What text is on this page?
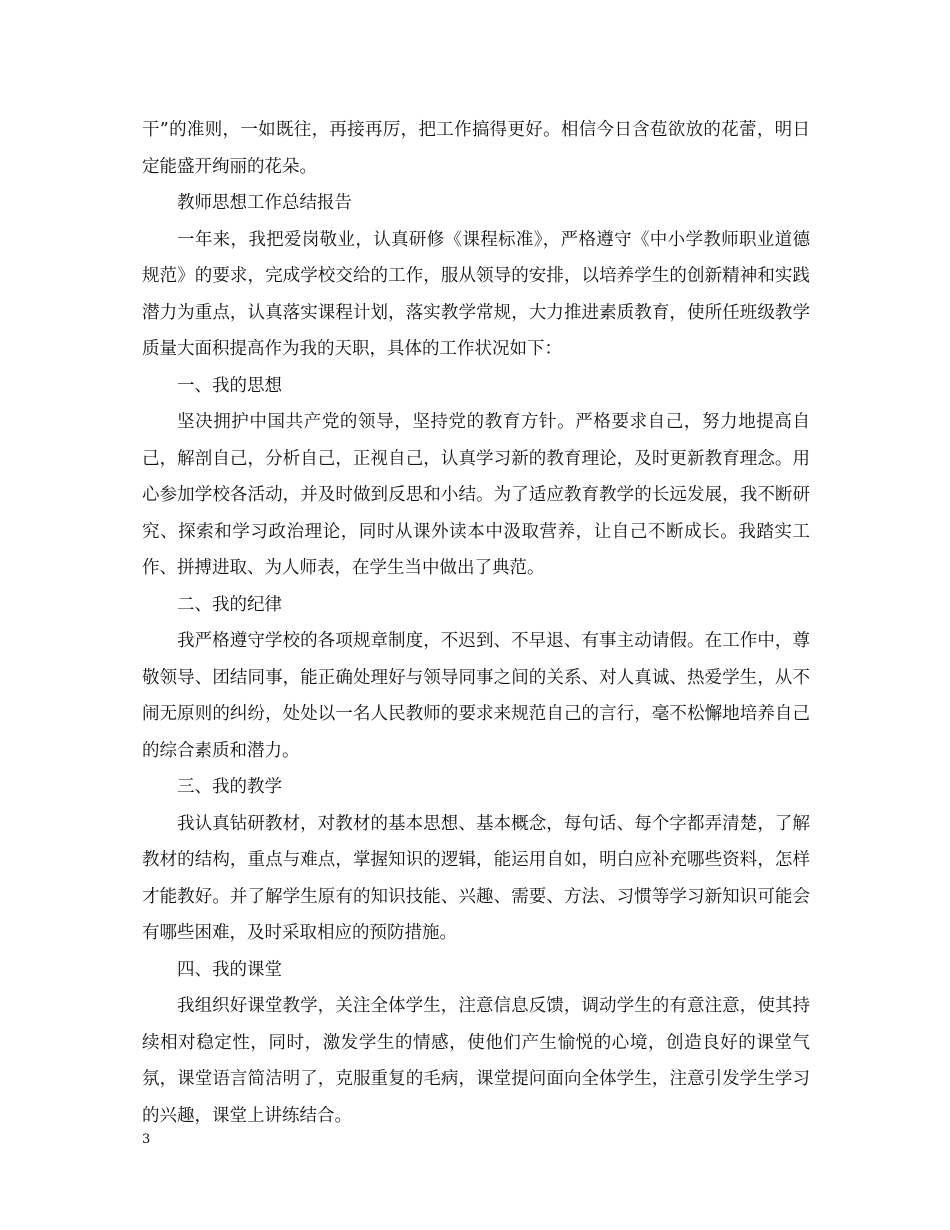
干”的准则，一如既往，再接再厉，把工作搞得更好。相信今日含苞欲放的花蕾，明日定能盛开绚丽的花朵。

教师思想工作总结报告

一年来，我把爱岗敬业，认真研修《课程标准》，严格遵守《中小学教师职业道德规范》的要求，完成学校交给的工作，服从领导的安排，以培养学生的创新精神和实践潜力为重点，认真落实课程计划，落实教学常规，大力推进素质教育，使所任班级教学质量大面积提高作为我的天职，具体的工作状况如下：

一、我的思想

坚决拥护中国共产党的领导，坚持党的教育方针。严格要求自己，努力地提高自己，解剖自己，分析自己，正视自己，认真学习新的教育理论，及时更新教育理念。用心参加学校各活动，并及时做到反思和小结。为了适应教育教学的长远发展，我不断研究、探索和学习政治理论，同时从课外读本中汲取营养，让自己不断成长。我踏实工作、拼搏进取、为人师表，在学生当中做出了典范。

二、我的纪律

我严格遵守学校的各项规章制度，不迟到、不早退、有事主动请假。在工作中，尊敬领导、团结同事，能正确处理好与领导同事之间的关系、对人真诚、热爱学生，从不闹无原则的纠纷，处处以一名人民教师的要求来规范自己的言行，毫不松懈地培养自己的综合素质和潜力。

三、我的教学

我认真钻研教材，对教材的基本思想、基本概念，每句话、每个字都弄清楚，了解教材的结构，重点与难点，掌握知识的逻辑，能运用自如，明白应补充哪些资料，怎样才能教好。并了解学生原有的知识技能、兴趣、需要、方法、习惯等学习新知识可能会有哪些困难，及时采取相应的预防措施。

四、我的课堂

我组织好课堂教学，关注全体学生，注意信息反馈，调动学生的有意注意，使其持续相对稳定性，同时，激发学生的情感，使他们产生愉悦的心境，创造良好的课堂气氛，课堂语言简洁明了，克服重复的毛病，课堂提问面向全体学生，注意引发学生学习的兴趣，课堂上讲练结合。

3
